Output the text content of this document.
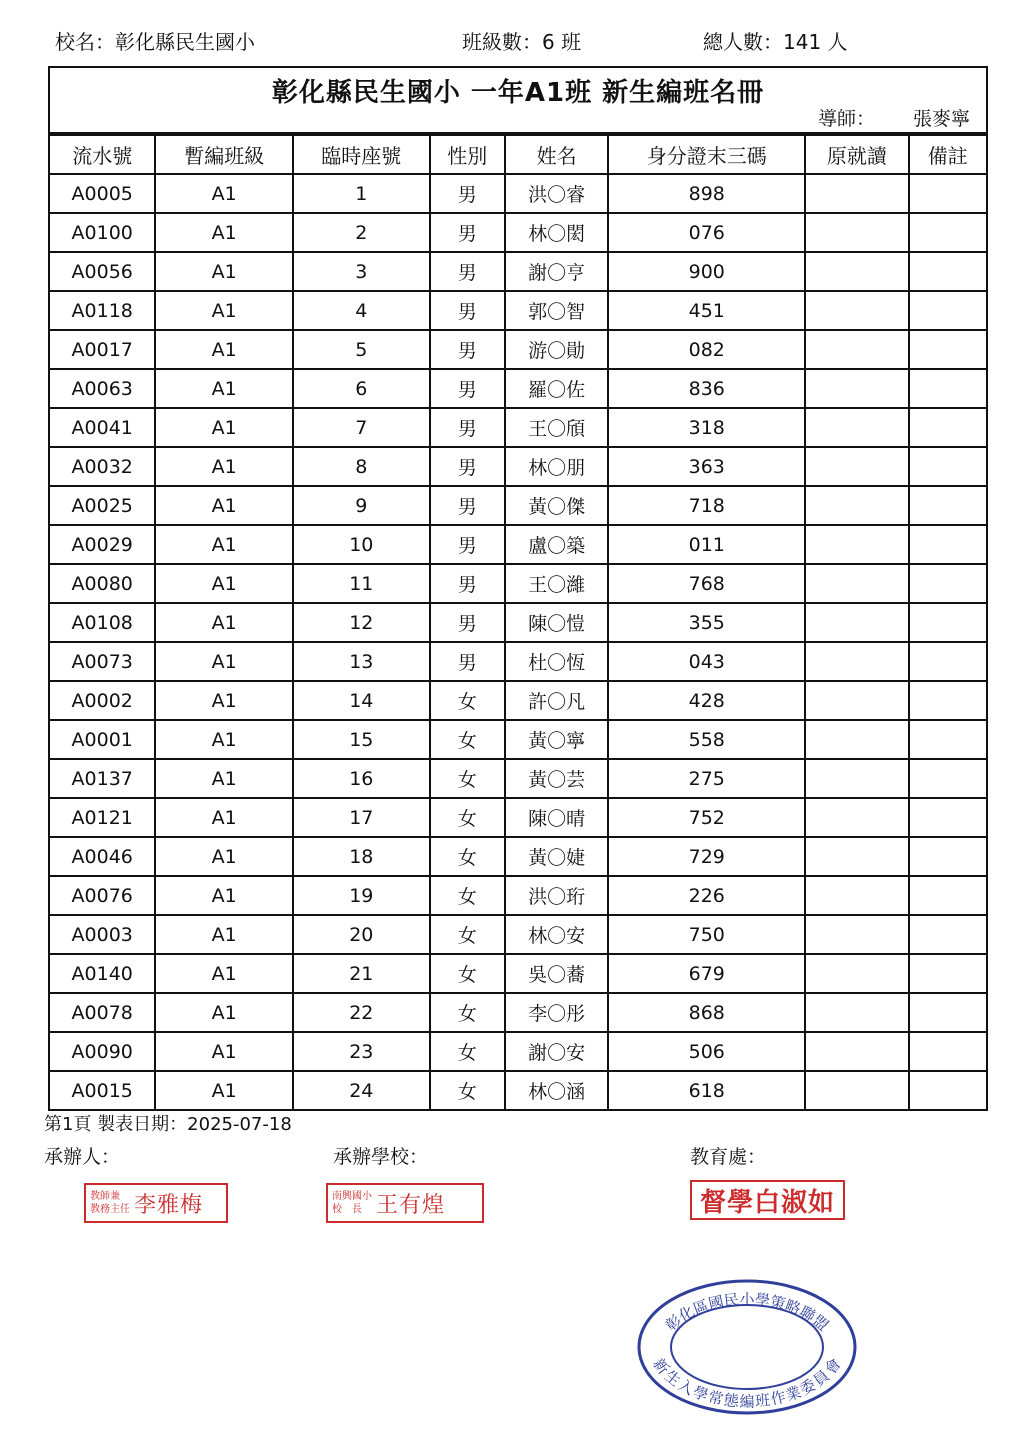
校名：彰化縣民生國小	班級數：6 班	總人數：141 人
彰化縣民生國小 一年A1班 新生編班名冊
導師： 張麥寧
流水號	暫編班級	臨時座號	性別	姓名	身分證末三碼	原就讀	備註
A0005	A1	1	男	洪〇睿	898		
A0100	A1	2	男	林〇閎	076		
A0056	A1	3	男	謝〇亨	900		
A0118	A1	4	男	郭〇智	451		
A0017	A1	5	男	游〇勛	082		
A0063	A1	6	男	羅〇佐	836		
A0041	A1	7	男	王〇頎	318		
A0032	A1	8	男	林〇朋	363		
A0025	A1	9	男	黃〇傑	718		
A0029	A1	10	男	盧〇築	011		
A0080	A1	11	男	王〇濰	768		
A0108	A1	12	男	陳〇愷	355		
A0073	A1	13	男	杜〇恆	043		
A0002	A1	14	女	許〇凡	428		
A0001	A1	15	女	黃〇寧	558		
A0137	A1	16	女	黃〇芸	275		
A0121	A1	17	女	陳〇晴	752		
A0046	A1	18	女	黃〇婕	729		
A0076	A1	19	女	洪〇珩	226		
A0003	A1	20	女	林〇安	750		
A0140	A1	21	女	吳〇蕎	679		
A0078	A1	22	女	李〇彤	868		
A0090	A1	23	女	謝〇安	506		
A0015	A1	24	女	林〇涵	618		
第1頁 製表日期：2025-07-18
承辦人：	承辦學校：	教育處：
教師兼
教務主任 李雅梅	南興國小
校　長 王有煌	督學白淑如
彰化區國民小學策略聯盟
新生入學常態編班作業委員會
